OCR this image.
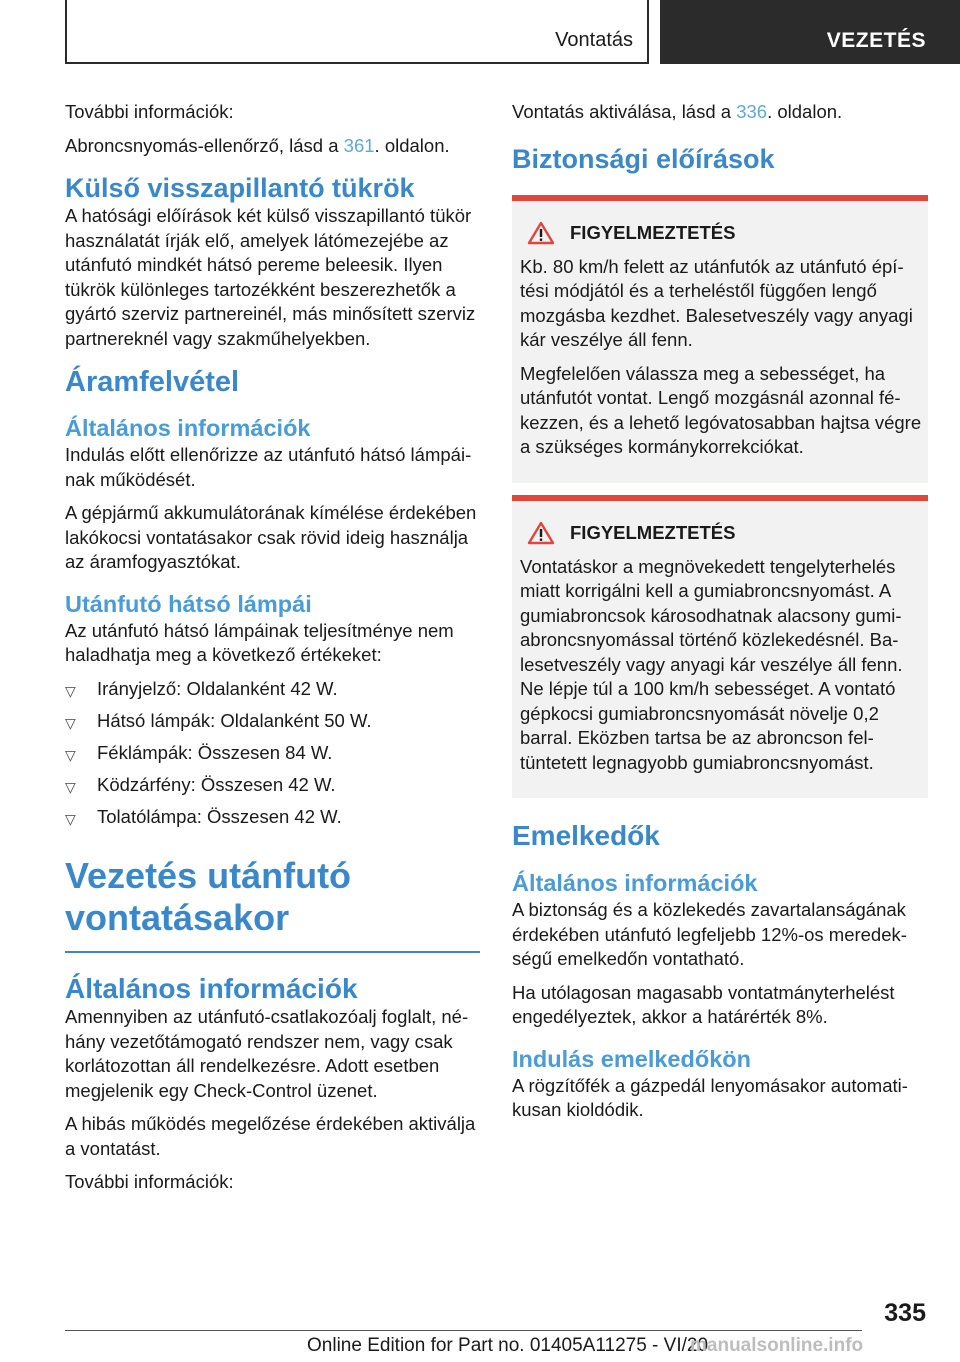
Vontatás	VEZETÉS

További információk:

Abroncsnyomás-ellenőrző, lásd a 361. oldalon.

Külső visszapillantó tükrök

A hatósági előírások két külső visszapillantó tükör használatát írják elő, amelyek látómezejébe az utánfutó mindkét hátsó pereme beleesik. Ilyen tükrök különleges tartozékként beszerezhetők a gyártó szerviz partnereinél, más minősített szerviz partnereknél vagy szakműhelyekben.

Áramfelvétel
Általános információk

Indulás előtt ellenőrizze az utánfutó hátsó lámpáinak működését.

A gépjármű akkumulátorának kímélése érdekében lakókocsi vontatásakor csak rövid ideig használja az áramfogyasztókat.

Utánfutó hátsó lámpái

Az utánfutó hátsó lámpáinak teljesítménye nem haladhatja meg a következő értékeket:

▽ Irányjelző: Oldalanként 42 W.
▽ Hátsó lámpák: Oldalanként 50 W.
▽ Féklámpák: Összesen 84 W.
▽ Ködzárfény: Összesen 42 W.
▽ Tolatólámpa: Összesen 42 W.
Vezetés utánfutó
vontatásakor
Általános információk

Amennyiben az utánfutó-csatlakozóalj foglalt, néhány vezetőtámogató rendszer nem, vagy csak korlátozottan áll rendelkezésre. Adott esetben megjelenik egy Check-Control üzenet.

A hibás működés megelőzése érdekében aktiválja a vontatást.

További információk:

Vontatás aktiválása, lásd a 336. oldalon.

Biztonsági előírások
FIGYELMEZTETÉS

Kb. 80 km/h felett az utánfutók az utánfutó építési módjától és a terheléstől függően lengő mozgásba kezdhet. Balesetveszély vagy anyagi kár veszélye áll fenn.

Megfelelően válassza meg a sebességet, ha utánfutót vontat. Lengő mozgásnál azonnal fékezzen, és a lehető legóvatosabban hajtsa végre a szükséges kormánykorrekciókat.

FIGYELMEZTETÉS

Vontatáskor a megnövekedett tengelyterhelés miatt korrigálni kell a gumiabroncsnyomást. A gumiabroncsok károsodhatnak alacsony gumiabroncsnyomással történő közlekedésnél. Balesetveszély vagy anyagi kár veszélye áll fenn. Ne lépje túl a 100 km/h sebességet. A vontató gépkocsi gumiabroncsnyomását növelje 0,2 barral. Eközben tartsa be az abroncson feltüntetett legnagyobb gumiabroncsnyomást.

Emelkedők
Általános információk

A biztonság és a közlekedés zavartalanságának érdekében utánfutó legfeljebb 12%-os meredekségű emelkedőn vontatható.

Ha utólagosan magasabb vontatmányterhelést engedélyeztek, akkor a határérték 8%.

Indulás emelkedőkön

A rögzítőfék a gázpedál lenyomásakor automatikusan kioldódik.

335
Online Edition for Part no. 01405A11275 - VI/20
manualsonline.info
